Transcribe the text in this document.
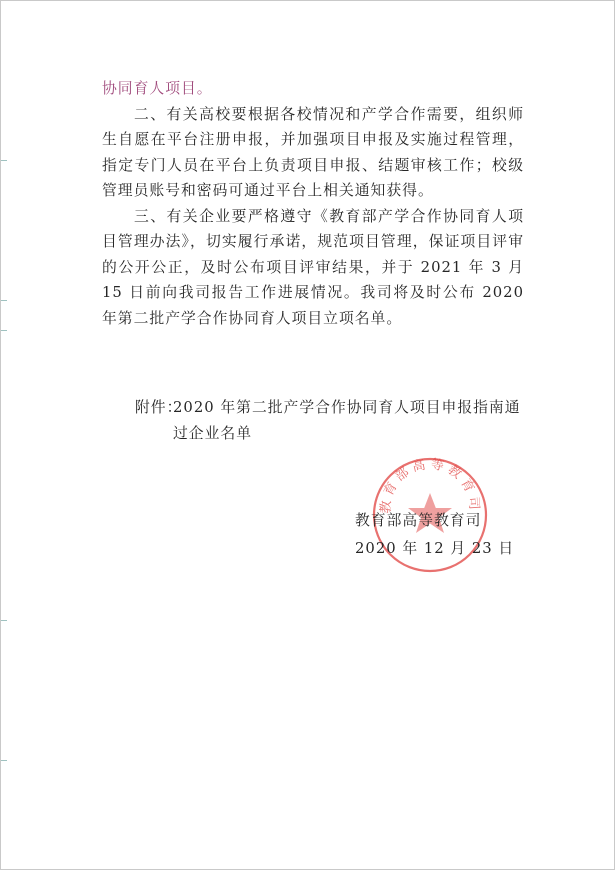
协同育人项目。

二、有关高校要根据各校情况和产学合作需要，组织师生自愿在平台注册申报，并加强项目申报及实施过程管理，指定专门人员在平台上负责项目申报、结题审核工作；校级管理员账号和密码可通过平台上相关通知获得。

三、有关企业要严格遵守《教育部产学合作协同育人项目管理办法》，切实履行承诺，规范项目管理，保证项目评审的公开公正，及时公布项目评审结果，并于 2021 年 3 月 15 日前向我司报告工作进展情况。我司将及时公布 2020 年第二批产学合作协同育人项目立项名单。

附件：
2020 年第二批产学合作协同育人项目申报指南通
过企业名单
教育部高等教育司
教育部高等教育司
2020 年 12 月 23 日
